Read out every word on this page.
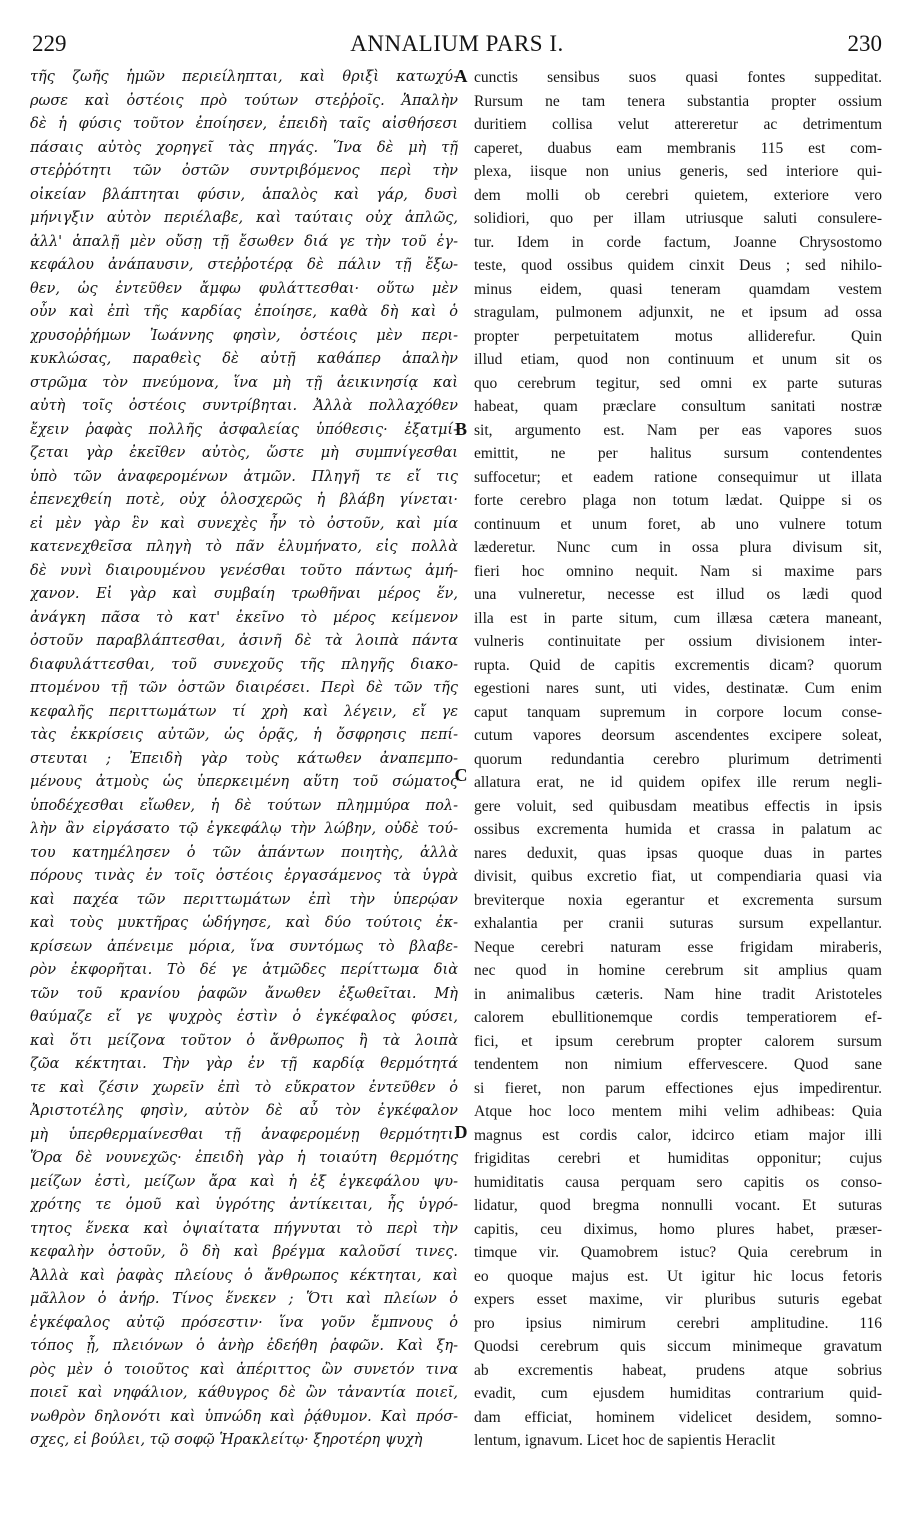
229	ANNALIUM PARS I.	230
τῆς ζωῆς ἡμῶν περιείληπται, καὶ θριξὶ κατωχύ-
ρωσε καὶ ὀστέοις πρὸ τούτων στεῤῥοῖς. Ἁπαλὴν
δὲ ἡ φύσις τοῦτον ἐποίησεν, ἐπειδὴ ταῖς αἰσθήσεσι
πάσαις αὐτὸς χορηγεῖ τὰς πηγάς. Ἵνα δὲ μὴ τῇ
στεῤῥότητι τῶν ὀστῶν συντριβόμενος περὶ τὴν
οἰκείαν βλάπτηται φύσιν, ἁπαλὸς καὶ γάρ, δυσὶ
μήνιγξιν αὐτὸν περιέλαβε, καὶ ταύταις οὐχ ἁπλῶς,
ἀλλ' ἁπαλῇ μὲν οὔσῃ τῇ ἔσωθεν διά γε τὴν τοῦ ἐγ-
κεφάλου ἀνάπαυσιν, στεῤῥοτέρᾳ δὲ πάλιν τῇ ἔξω-
θεν, ὡς ἐντεῦθεν ἄμφω φυλάττεσθαι· οὕτω μὲν
οὖν καὶ ἐπὶ τῆς καρδίας ἐποίησε, καθὰ δὴ καὶ ὁ
χρυσοῤῥήμων Ἰωάννης φησὶν, ὀστέοις μὲν περι-
κυκλώσας, παραθεὶς δὲ αὐτῇ καθάπερ ἁπαλὴν
στρῶμα τὸν πνεύμονα, ἵνα μὴ τῇ ἀεικινησίᾳ καὶ
αὐτὴ τοῖς ὀστέοις συντρίβηται. Ἀλλὰ πολλαχόθεν
ἔχειν ῥαφὰς πολλῆς ἀσφαλείας ὑπόθεσις· ἐξατμί-
ζεται γὰρ ἐκεῖθεν αὐτὸς, ὥστε μὴ συμπνίγεσθαι
ὑπὸ τῶν ἀναφερομένων ἀτμῶν. Πληγῆ τε εἴ τις
ἐπενεχθείη ποτὲ, οὐχ ὁλοσχερῶς ἡ βλάβη γίνεται·
εἰ μὲν γὰρ ἓν καὶ συνεχὲς ἦν τὸ ὀστοῦν, καὶ μία
κατενεχθεῖσα πληγὴ τὸ πᾶν ἐλυμήνατο, εἰς πολλὰ
δὲ νυνὶ διαιρουμένου γενέσθαι τοῦτο πάντως ἀμή-
χανον. Εἰ γὰρ καὶ συμβαίη τρωθῆναι μέρος ἕν,
ἀνάγκη πᾶσα τὸ κατ' ἐκεῖνο τὸ μέρος κείμενον
ὀστοῦν παραβλάπτεσθαι, ἀσινῆ δὲ τὰ λοιπὰ πάντα
διαφυλάττεσθαι, τοῦ συνεχοῦς τῆς πληγῆς διακο-
πτομένου τῇ τῶν ὀστῶν διαιρέσει. Περὶ δὲ τῶν τῆς
κεφαλῆς περιττωμάτων τί χρὴ καὶ λέγειν, εἴ γε
τὰς ἐκκρίσεις αὐτῶν, ὡς ὁρᾷς, ἡ ὄσφρησις πεπί-
στευται ; Ἐπειδὴ γὰρ τοὺς κάτωθεν ἀναπεμπο-
μένους ἀτμοὺς ὡς ὑπερκειμένη αὕτη τοῦ σώματος
ὑποδέχεσθαι εἴωθεν, ἡ δὲ τούτων πλημμύρα πολ-
λὴν ἂν εἰργάσατο τῷ ἐγκεφάλῳ τὴν λώβην, οὐδὲ τού-
του κατημέλησεν ὁ τῶν ἁπάντων ποιητὴς, ἀλλὰ
πόρους τινὰς ἐν τοῖς ὀστέοις ἐργασάμενος τὰ ὑγρὰ
καὶ παχέα τῶν περιττωμάτων ἐπὶ τὴν ὑπερῴαν
καὶ τοὺς μυκτῆρας ὡδήγησε, καὶ δύο τούτοις ἐκ-
κρίσεων ἀπένειμε μόρια, ἵνα συντόμως τὸ βλαβε-
ρὸν ἐκφορῆται. Τὸ δέ γε ἀτμῶδες περίττωμα διὰ
τῶν τοῦ κρανίου ῥαφῶν ἄνωθεν ἐξωθεῖται. Μὴ
θαύμαζε εἴ γε ψυχρὸς ἐστὶν ὁ ἐγκέφαλος φύσει,
καὶ ὅτι μείζονα τοῦτον ὁ ἄνθρωπος ἢ τὰ λοιπὰ
ζῶα κέκτηται. Τὴν γὰρ ἐν τῇ καρδίᾳ θερμότητά
τε καὶ ζέσιν χωρεῖν ἐπὶ τὸ εὔκρατον ἐντεῦθεν ὁ
Ἀριστοτέλης φησὶν, αὐτὸν δὲ αὖ τὸν ἐγκέφαλον
μὴ ὑπερθερμαίνεσθαι τῇ ἀναφερομένῃ θερμότητι.
Ὅρα δὲ νουνεχῶς· ἐπειδὴ γὰρ ἡ τοιαύτη θερμότης
μείζων ἐστὶ, μείζων ἄρα καὶ ἡ ἐξ ἐγκεφάλου ψυ-
χρότης τε ὁμοῦ καὶ ὑγρότης ἀντίκειται, ἧς ὑγρό-
τητος ἕνεκα καὶ ὀψιαίτατα πήγνυται τὸ περὶ τὴν
κεφαλὴν ὀστοῦν, ὃ δὴ καὶ βρέγμα καλοῦσί τινες.
Ἀλλὰ καὶ ῥαφὰς πλείους ὁ ἄνθρωπος κέκτηται, καὶ
μᾶλλον ὁ ἀνήρ. Τίνος ἕνεκεν ; Ὅτι καὶ πλείων ὁ
ἐγκέφαλος αὐτῷ πρόσεστιν· ἵνα γοῦν ἔμπνους ὁ
τόπος ᾖ, πλειόνων ὁ ἀνὴρ ἐδεήθη ῥαφῶν. Καὶ ξη-
ρὸς μὲν ὁ τοιοῦτος καὶ ἀπέριττος ὢν συνετόν τινα
ποιεῖ καὶ νηφάλιον, κάθυγρος δὲ ὢν τἀναντία ποιεῖ,
νωθρὸν δηλονότι καὶ ὑπνώδη καὶ ῥᾴθυμον. Καὶ πρόσ-
σχες, εἰ βούλει, τῷ σοφῷ Ἡρακλείτῳ· ξηροτέρη ψυχὴ
cunctis sensibus suos quasi fontes suppeditat.
Rursum ne tam tenera substantia propter ossium
duritiem collisa velut attereretur ac detrimentum
caperet, duabus eam membranis 115 est com-
plexa, iisque non unius generis, sed interiore qui-
dem molli ob cerebri quietem, exteriore vero
solidiori, quo per illam utriusque saluti consulere-
tur. Idem in corde factum, Joanne Chrysostomo
teste, quod ossibus quidem cinxit Deus ; sed nihilo-
minus eidem, quasi teneram quamdam vestem
stragulam, pulmonem adjunxit, ne et ipsum ad ossa
propter perpetuitatem motus alliderefur. Quin
illud etiam, quod non continuum et unum sit os
quo cerebrum tegitur, sed omni ex parte suturas
habeat, quam præclare consultum sanitati nostræ
sit, argumento est. Nam per eas vapores suos
emittit, ne per halitus sursum contendentes
suffocetur; et eadem ratione consequimur ut illata
forte cerebro plaga non totum lædat. Quippe si os
continuum et unum foret, ab uno vulnere totum
læderetur. Nunc cum in ossa plura divisum sit,
fieri hoc omnino nequit. Nam si maxime pars
una vulneretur, necesse est illud os lædi quod
illa est in parte situm, cum illæsa cætera maneant,
vulneris continuitate per ossium divisionem inter-
rupta. Quid de capitis excrementis dicam? quorum
egestioni nares sunt, uti vides, destinatæ. Cum enim
caput tanquam supremum in corpore locum conse-
cutum vapores deorsum ascendentes excipere soleat,
quorum redundantia cerebro plurimum detrimenti
allatura erat, ne id quidem opifex ille rerum negli-
gere voluit, sed quibusdam meatibus effectis in ipsis
ossibus excrementa humida et crassa in palatum ac
nares deduxit, quas ipsas quoque duas in partes
divisit, quibus excretio fiat, ut compendiaria quasi via
breviterque noxia egerantur et excrementa sursum
exhalantia per cranii suturas sursum expellantur.
Neque cerebri naturam esse frigidam miraberis,
nec quod in homine cerebrum sit amplius quam
in animalibus cæteris. Nam hine tradit Aristoteles
calorem ebullitionemque cordis temperatiorem ef-
fici, et ipsum cerebrum propter calorem sursum
tendentem non nimium effervescere. Quod sane
si fieret, non parum effectiones ejus impedirentur.
Atque hoc loco mentem mihi velim adhibeas: Quia
magnus est cordis calor, idcirco etiam major illi
frigiditas cerebri et humiditas opponitur; cujus
humiditatis causa perquam sero capitis os conso-
lidatur, quod bregma nonnulli vocant. Et suturas
capitis, ceu diximus, homo plures habet, præser-
timque vir. Quamobrem istuc? Quia cerebrum in
eo quoque majus est. Ut igitur hic locus fetoris
expers esset maxime, vir pluribus suturis egebat
pro ipsius nimirum cerebri amplitudine. 116
Quodsi cerebrum quis siccum minimeque gravatum
ab excrementis habeat, prudens atque sobrius
evadit, cum ejusdem humiditas contrarium quid-
dam efficiat, hominem videlicet desidem, somno-
lentum, ignavum. Licet hoc de sapientis Heraclit
A
B
C
D
